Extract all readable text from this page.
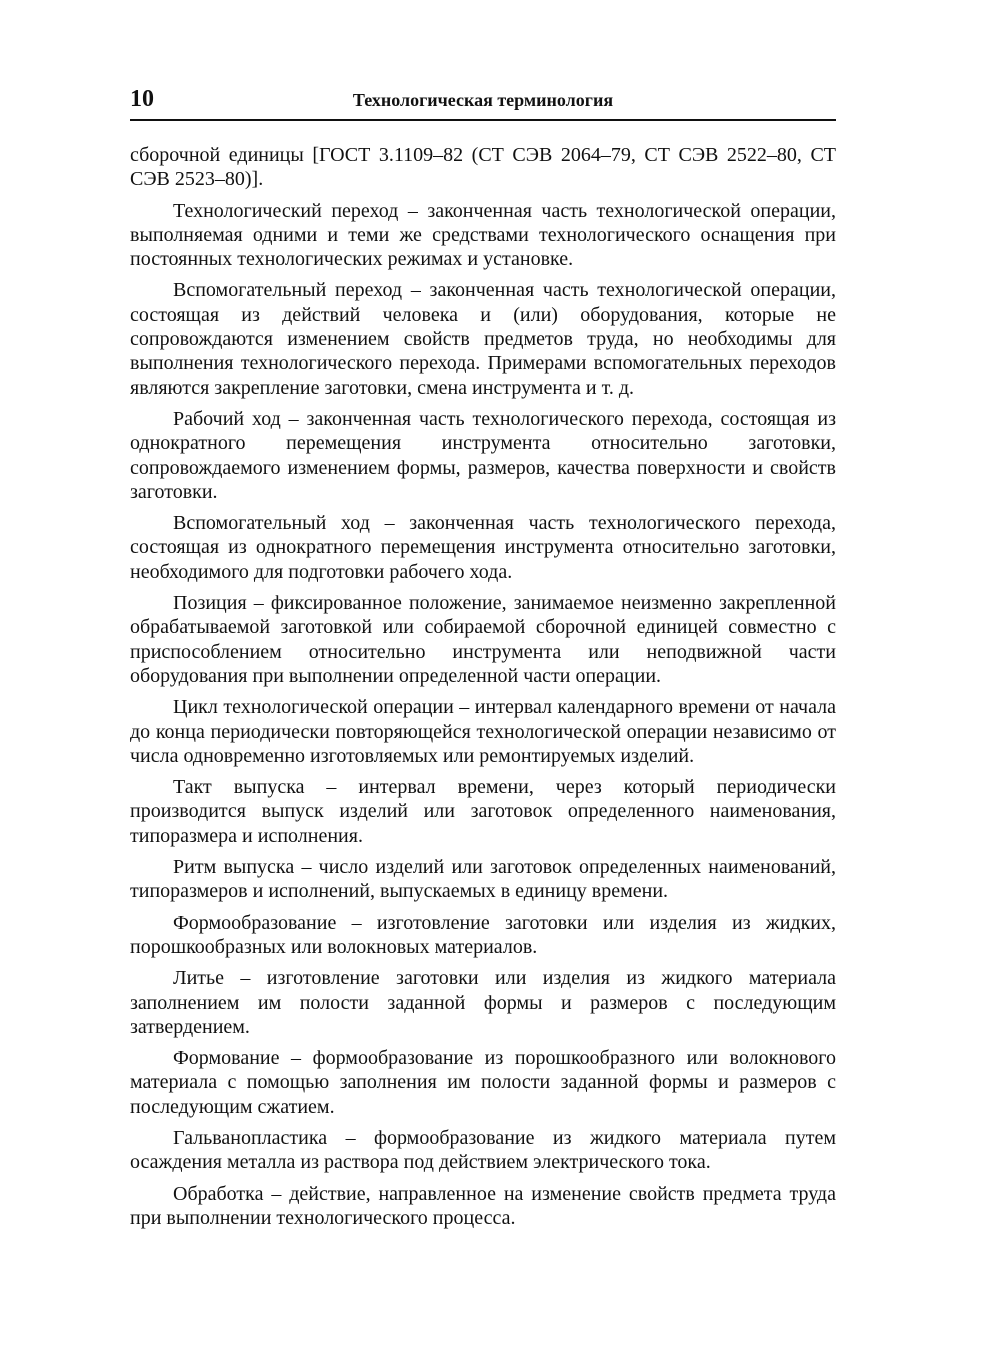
10	Технологическая терминология

сборочной единицы [ГОСТ 3.1109–82 (СТ СЭВ 2064–79, СТ СЭВ 2522–80, СТ СЭВ 2523–80)].

Технологический переход – законченная часть технологической операции, выполняемая одними и теми же средствами технологического оснащения при постоянных технологических режимах и установке.

Вспомогательный переход – законченная часть технологической операции, состоящая из действий человека и (или) оборудования, которые не сопровождаются изменением свойств предметов труда, но необходимы для выполнения технологического перехода. Примерами вспомогательных переходов являются закрепление заготовки, смена инструмента и т. д.

Рабочий ход – законченная часть технологического перехода, состоящая из однократного перемещения инструмента относительно заготовки, сопровождаемого изменением формы, размеров, качества поверхности и свойств заготовки.

Вспомогательный ход – законченная часть технологического перехода, состоящая из однократного перемещения инструмента относительно заготовки, необходимого для подготовки рабочего хода.

Позиция – фиксированное положение, занимаемое неизменно закрепленной обрабатываемой заготовкой или собираемой сборочной единицей совместно с приспособлением относительно инструмента или неподвижной части оборудования при выполнении определенной части операции.

Цикл технологической операции – интервал календарного времени от начала до конца периодически повторяющейся технологической операции независимо от числа одновременно изготовляемых или ремонтируемых изделий.

Такт выпуска – интервал времени, через который периодически производится выпуск изделий или заготовок определенного наименования, типоразмера и исполнения.

Ритм выпуска – число изделий или заготовок определенных наименований, типоразмеров и исполнений, выпускаемых в единицу времени.

Формообразование – изготовление заготовки или изделия из жидких, порошкообразных или волокновых материалов.

Литье – изготовление заготовки или изделия из жидкого материала заполнением им полости заданной формы и размеров с последующим затвердением.

Формование – формообразование из порошкообразного или волокнового материала с помощью заполнения им полости заданной формы и размеров с последующим сжатием.

Гальванопластика – формообразование из жидкого материала путем осаждения металла из раствора под действием электрического тока.

Обработка – действие, направленное на изменение свойств предмета труда при выполнении технологического процесса.
